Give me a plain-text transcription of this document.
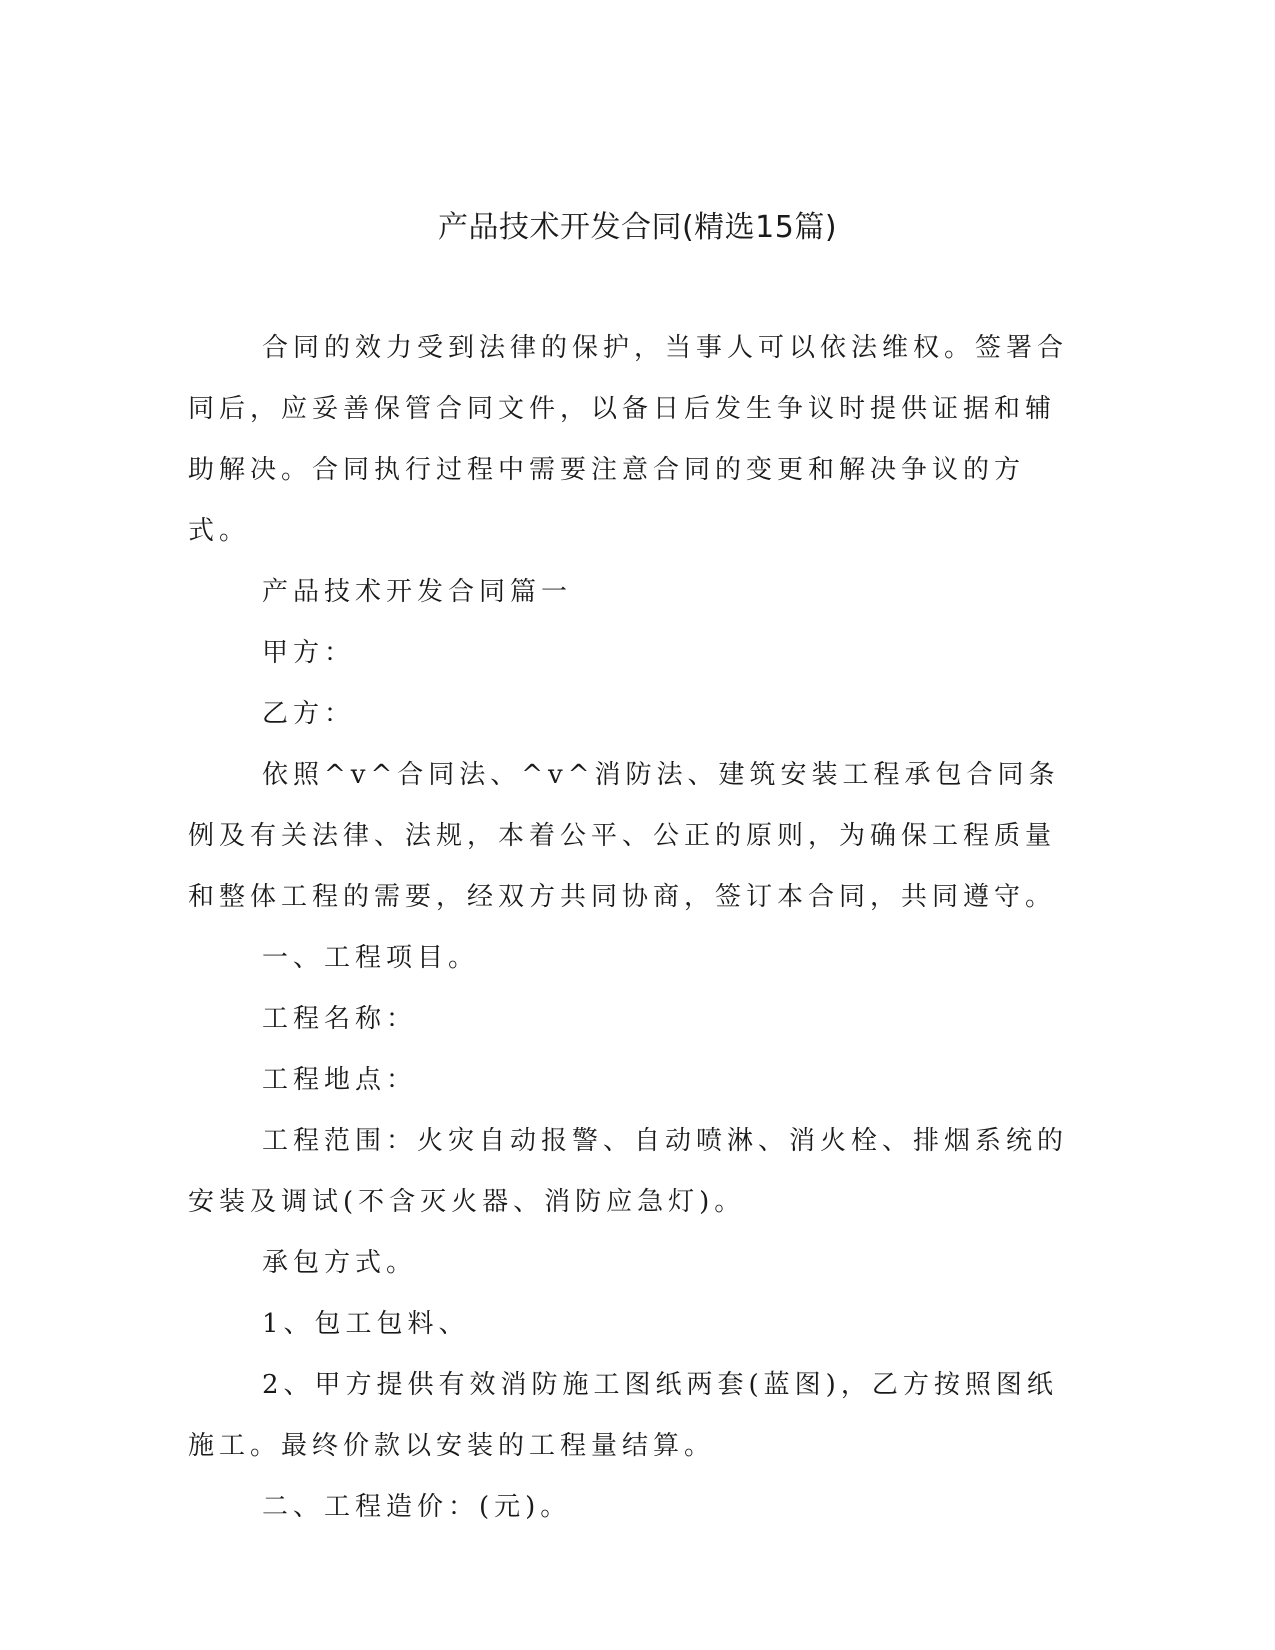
产品技术开发合同(精选15篇)

合同的效力受到法律的保护，当事人可以依法维权。签署合同后，应妥善保管合同文件，以备日后发生争议时提供证据和辅助解决。合同执行过程中需要注意合同的变更和解决争议的方式。

产品技术开发合同篇一

甲方：

乙方：

依照^v^合同法、^v^消防法、建筑安装工程承包合同条例及有关法律、法规，本着公平、公正的原则，为确保工程质量和整体工程的需要，经双方共同协商，签订本合同，共同遵守。

一、工程项目。

工程名称：

工程地点：

工程范围：火灾自动报警、自动喷淋、消火栓、排烟系统的安装及调试(不含灭火器、消防应急灯)。

承包方式。

1、包工包料、

2、甲方提供有效消防施工图纸两套(蓝图)，乙方按照图纸施工。最终价款以安装的工程量结算。

二、工程造价：(元)。
